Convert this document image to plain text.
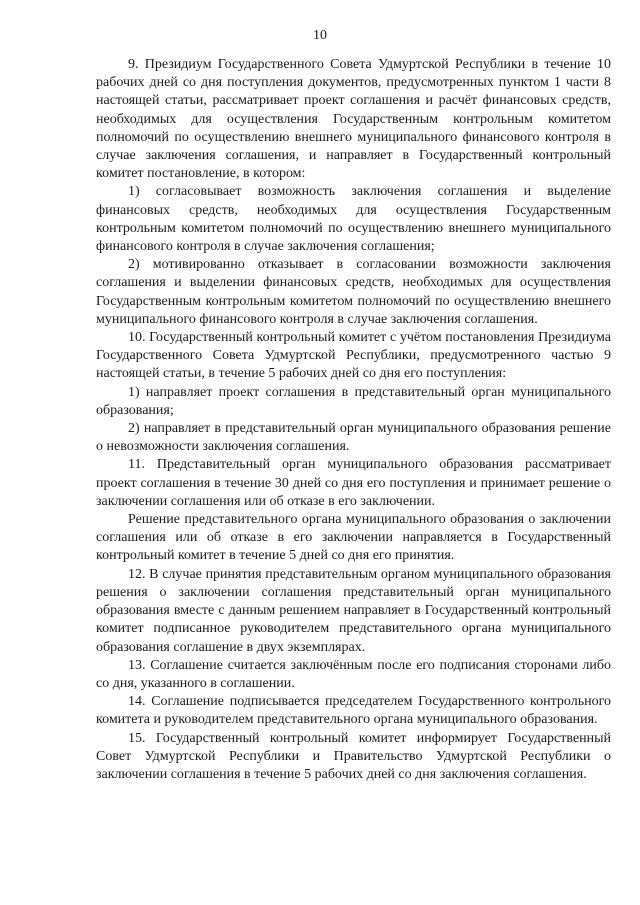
10

9. Президиум Государственного Совета Удмуртской Республики в течение 10 рабочих дней со дня поступления документов, предусмотренных пунктом 1 части 8 настоящей статьи, рассматривает проект соглашения и расчёт финансовых средств, необходимых для осуществления Государственным контрольным комитетом полномочий по осуществлению внешнего муниципального финансового контроля в случае заключения соглашения, и направляет в Государственный контрольный комитет постановление, в котором:

1) согласовывает возможность заключения соглашения и выделение финансовых средств, необходимых для осуществления Государственным контрольным комитетом полномочий по осуществлению внешнего муниципального финансового контроля в случае заключения соглашения;

2) мотивированно отказывает в согласовании возможности заключения соглашения и выделении финансовых средств, необходимых для осуществления Государственным контрольным комитетом полномочий по осуществлению внешнего муниципального финансового контроля в случае заключения соглашения.

10. Государственный контрольный комитет с учётом постановления Президиума Государственного Совета Удмуртской Республики, предусмотренного частью 9 настоящей статьи, в течение 5 рабочих дней со дня его поступления:

1) направляет проект соглашения в представительный орган муниципального образования;

2) направляет в представительный орган муниципального образования решение о невозможности заключения соглашения.

11. Представительный орган муниципального образования рассматривает проект соглашения в течение 30 дней со дня его поступления и принимает решение о заключении соглашения или об отказе в его заключении.

Решение представительного органа муниципального образования о заключении соглашения или об отказе в его заключении направляется в Государственный контрольный комитет в течение 5 дней со дня его принятия.

12. В случае принятия представительным органом муниципального образования решения о заключении соглашения представительный орган муниципального образования вместе с данным решением направляет в Государственный контрольный комитет подписанное руководителем представительного органа муниципального образования соглашение в двух экземплярах.

13. Соглашение считается заключённым после его подписания сторонами либо со дня, указанного в соглашении.

14. Соглашение подписывается председателем Государственного контрольного комитета и руководителем представительного органа муниципального образования.

15. Государственный контрольный комитет информирует Государственный Совет Удмуртской Республики и Правительство Удмуртской Республики о заключении соглашения в течение 5 рабочих дней со дня заключения соглашения.
